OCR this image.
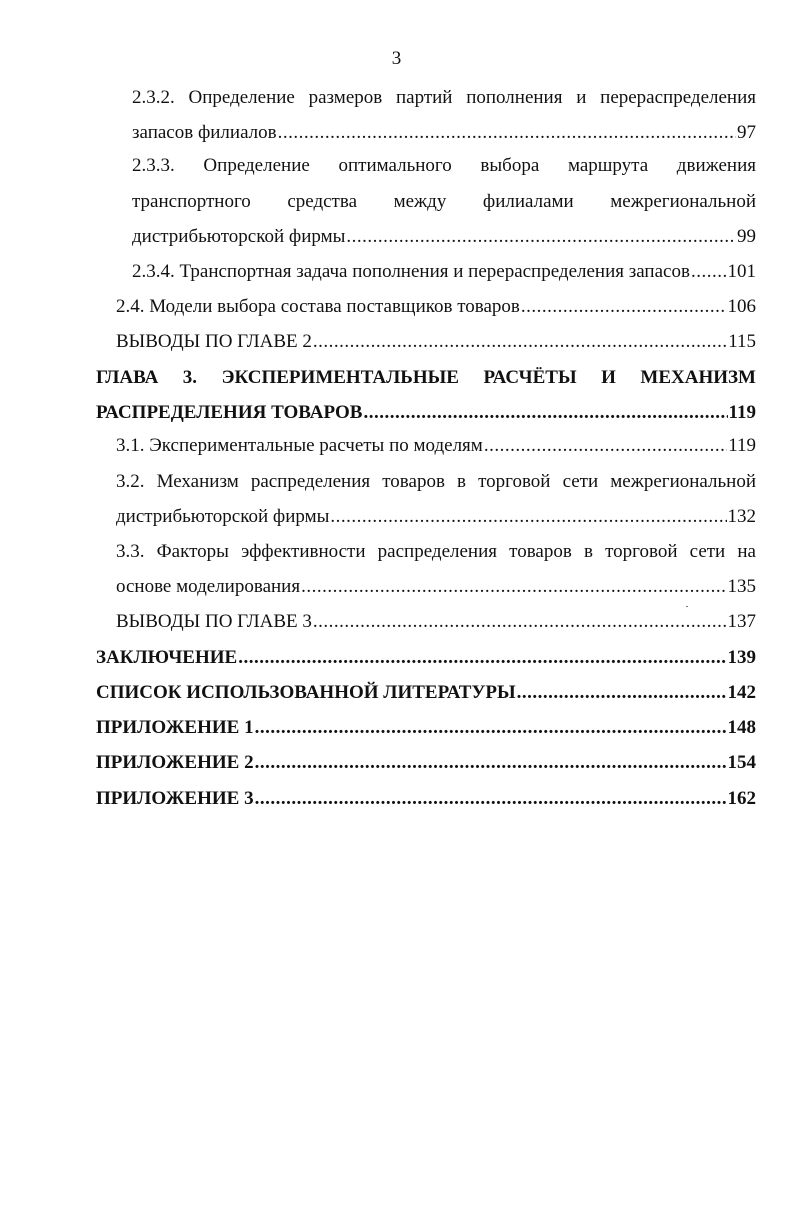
3
2.3.2. Определение размеров партий пополнения и перераспределения
запасов филиалов .....	97
2.3.3. Определение оптимального выбора маршрута движения
транспортного средства между филиалами межрегиональной
дистрибьюторской фирмы .....	99
2.3.4. Транспортная задача пополнения и перераспределения запасов ..... 101
2.4. Модели выбора состава поставщиков товаров .....	106
ВЫВОДЫ ПО ГЛАВЕ 2 .....	115
ГЛАВА 3. ЭКСПЕРИМЕНТАЛЬНЫЕ РАСЧЁТЫ И МЕХАНИЗМ
РАСПРЕДЕЛЕНИЯ ТОВАРОВ .....	119
3.1. Экспериментальные расчеты по моделям .....	119
3.2. Механизм распределения товаров в торговой сети межрегиональной
дистрибьюторской фирмы .....	132
3.3. Факторы эффективности распределения товаров в торговой сети на
основе моделирования .....	135
ВЫВОДЫ ПО ГЛАВЕ 3 .....	137
ЗАКЛЮЧЕНИЕ .....	139
СПИСОК ИСПОЛЬЗОВАННОЙ ЛИТЕРАТУРЫ .....	142
ПРИЛОЖЕНИЕ 1 .....	148
ПРИЛОЖЕНИЕ 2 .....	154
ПРИЛОЖЕНИЕ 3 .....	162
